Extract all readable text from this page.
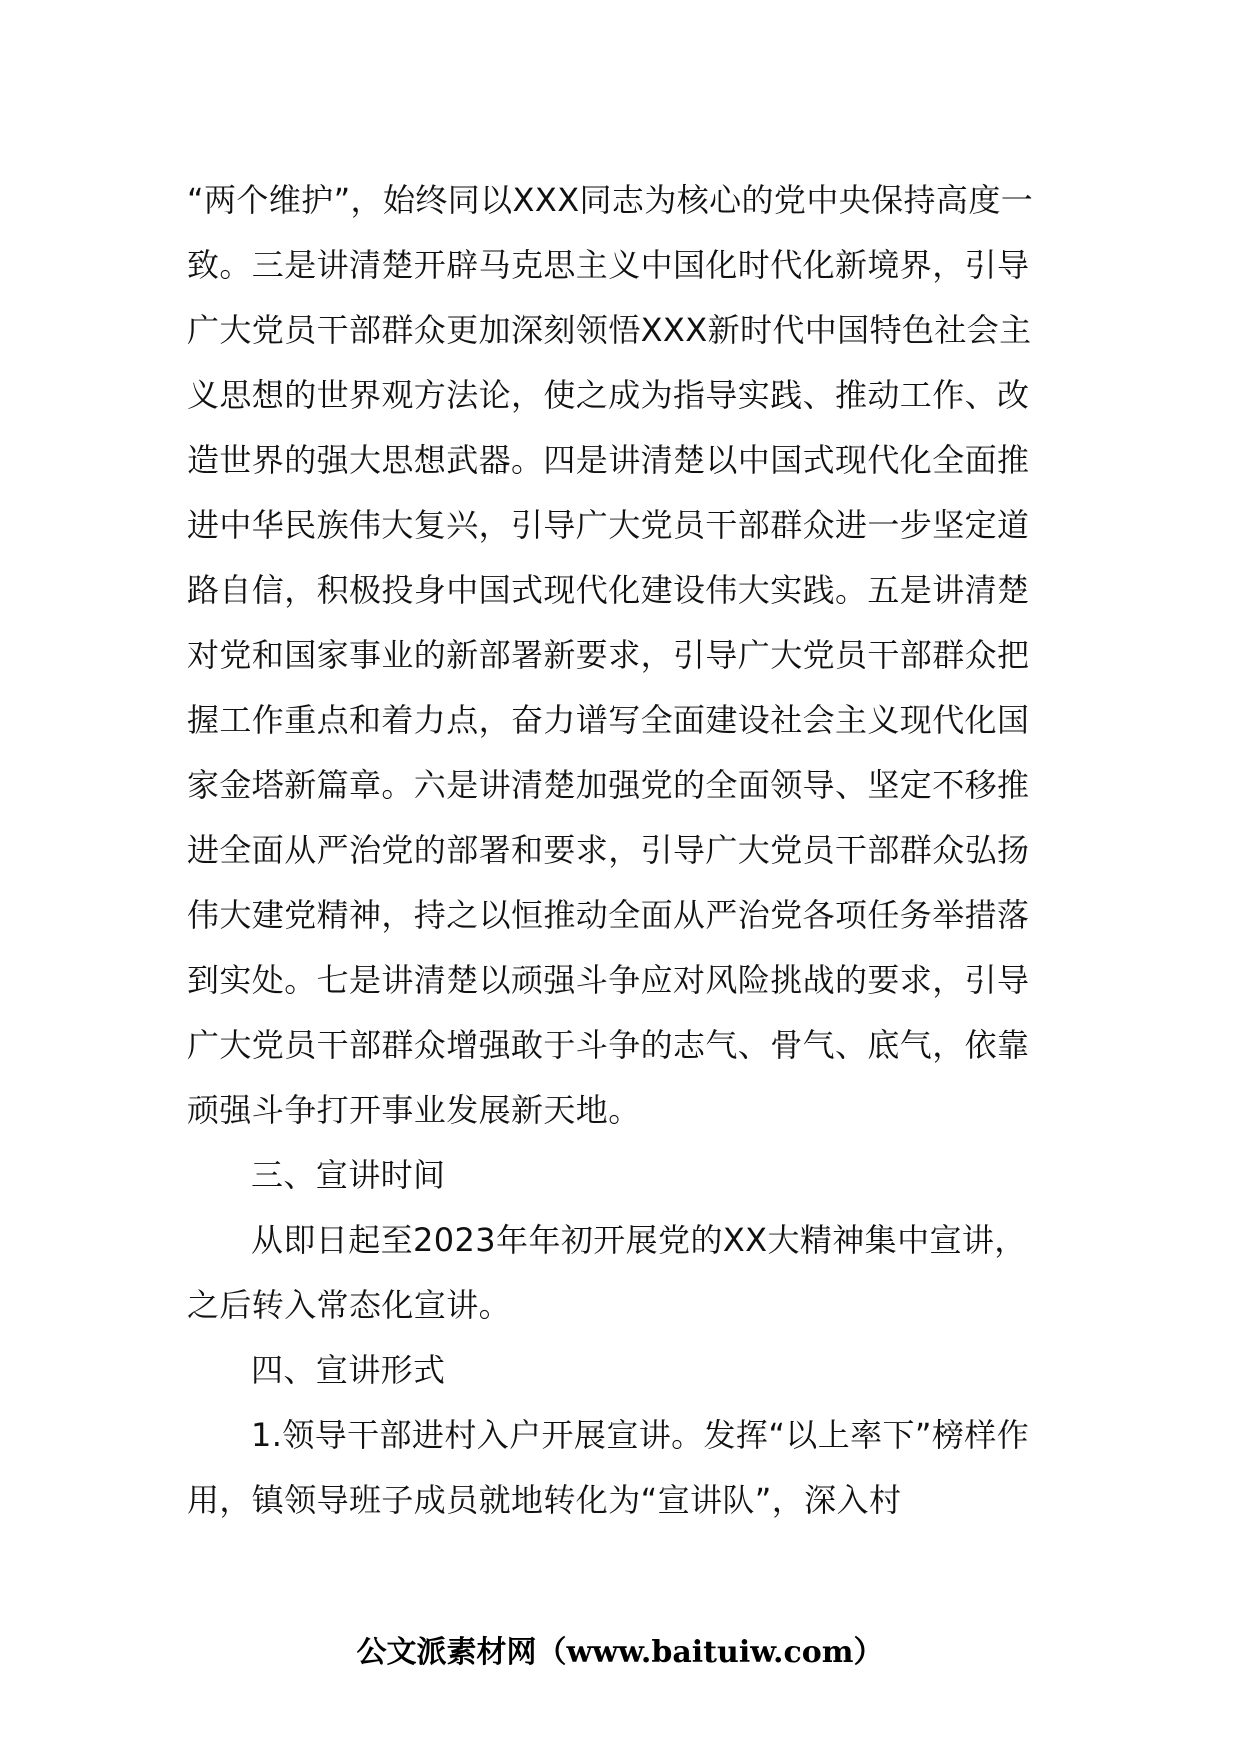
“两个维护”，始终同以XXX同志为核心的党中央保持高度一致。三是讲清楚开辟马克思主义中国化时代化新境界，引导广大党员干部群众更加深刻领悟XXX新时代中国特色社会主义思想的世界观方法论，使之成为指导实践、推动工作、改造世界的强大思想武器。四是讲清楚以中国式现代化全面推进中华民族伟大复兴，引导广大党员干部群众进一步坚定道路自信，积极投身中国式现代化建设伟大实践。五是讲清楚对党和国家事业的新部署新要求，引导广大党员干部群众把握工作重点和着力点，奋力谱写全面建设社会主义现代化国家金塔新篇章。六是讲清楚加强党的全面领导、坚定不移推进全面从严治党的部署和要求，引导广大党员干部群众弘扬伟大建党精神，持之以恒推动全面从严治党各项任务举措落到实处。七是讲清楚以顽强斗争应对风险挑战的要求，引导广大党员干部群众增强敢于斗争的志气、骨气、底气，依靠顽强斗争打开事业发展新天地。

三、宣讲时间

从即日起至2023年年初开展党的XX大精神集中宣讲，之后转入常态化宣讲。

四、宣讲形式

1.领导干部进村入户开展宣讲。发挥“以上率下”榜样作用，镇领导班子成员就地转化为“宣讲队”，深入村

公文派素材网（www.baituiw.com）
